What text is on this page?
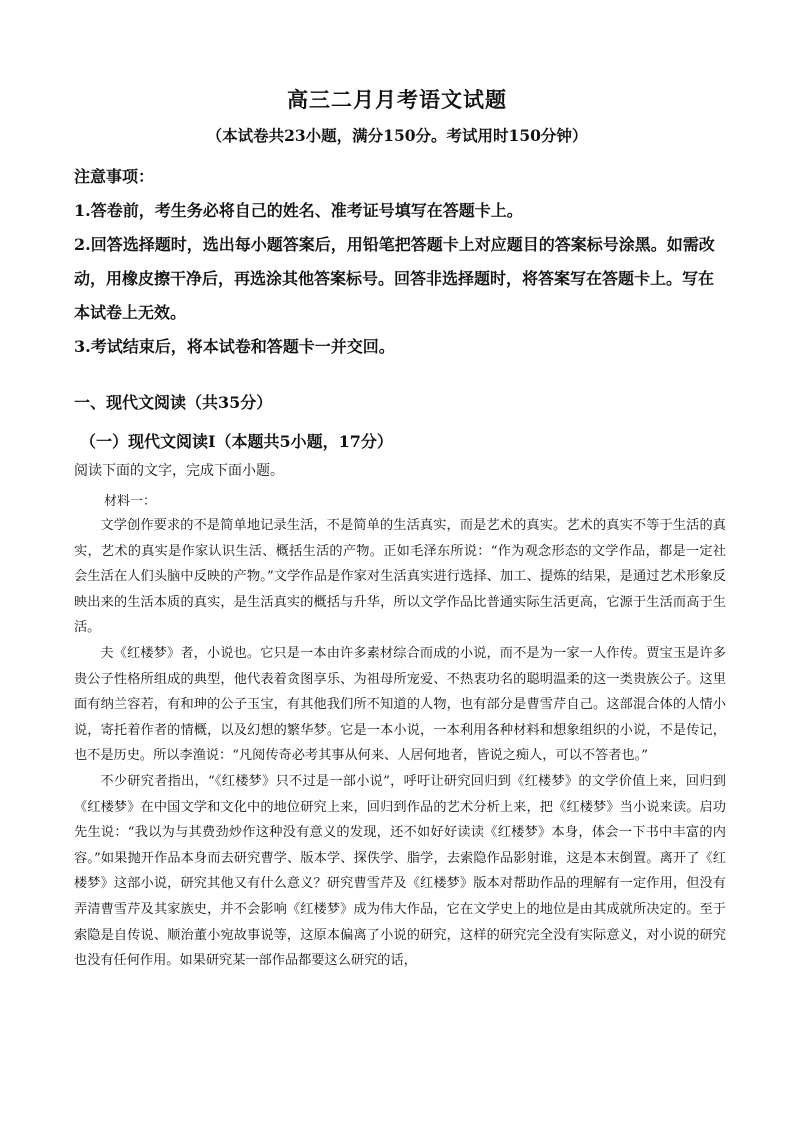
高三二月月考语文试题
（本试卷共23小题，满分150分。考试用时150分钟）

注意事项：

1.答卷前，考生务必将自己的姓名、准考证号填写在答题卡上。

2.回答选择题时，选出每小题答案后，用铅笔把答题卡上对应题目的答案标号涂黑。如需改动，用橡皮擦干净后，再选涂其他答案标号。回答非选择题时，将答案写在答题卡上。写在本试卷上无效。

3.考试结束后，将本试卷和答题卡一并交回。

一、现代文阅读（共35分）
（一）现代文阅读Ⅰ（本题共5小题，17分）
阅读下面的文字，完成下面小题。
材料一：

文学创作要求的不是简单地记录生活，不是简单的生活真实，而是艺术的真实。艺术的真实不等于生活的真实，艺术的真实是作家认识生活、概括生活的产物。正如毛泽东所说：“作为观念形态的文学作品，都是一定社会生活在人们头脑中反映的产物。”文学作品是作家对生活真实进行选择、加工、提炼的结果，是通过艺术形象反映出来的生活本质的真实，是生活真实的概括与升华，所以文学作品比普通实际生活更高，它源于生活而高于生活。

夫《红楼梦》者，小说也。它只是一本由许多素材综合而成的小说，而不是为一家一人作传。贾宝玉是许多贵公子性格所组成的典型，他代表着贪图享乐、为祖母所宠爱、不热衷功名的聪明温柔的这一类贵族公子。这里面有纳兰容若，有和珅的公子玉宝，有其他我们所不知道的人物，也有部分是曹雪芹自己。这部混合体的人情小说，寄托着作者的情概，以及幻想的繁华梦。它是一本小说，一本利用各种材料和想象组织的小说，不是传记，也不是历史。所以李渔说：“凡阅传奇必考其事从何来、人居何地者，皆说之痴人，可以不答者也。”

不少研究者指出，“《红楼梦》只不过是一部小说”，呼吁让研究回归到《红楼梦》的文学价值上来，回归到《红楼梦》在中国文学和文化中的地位研究上来，回归到作品的艺术分析上来，把《红楼梦》当小说来读。启功先生说：“我以为与其费劲炒作这种没有意义的发现，还不如好好读读《红楼梦》本身，体会一下书中丰富的内容。”如果抛开作品本身而去研究曹学、版本学、探佚学、脂学，去索隐作品影射谁，这是本末倒置。离开了《红楼梦》这部小说，研究其他又有什么意义？研究曹雪芹及《红楼梦》版本对帮助作品的理解有一定作用，但没有弄清曹雪芹及其家族史，并不会影响《红楼梦》成为伟大作品，它在文学史上的地位是由其成就所决定的。至于索隐是自传说、顺治董小宛故事说等，这原本偏离了小说的研究，这样的研究完全没有实际意义，对小说的研究也没有任何作用。如果研究某一部作品都要这么研究的话，
